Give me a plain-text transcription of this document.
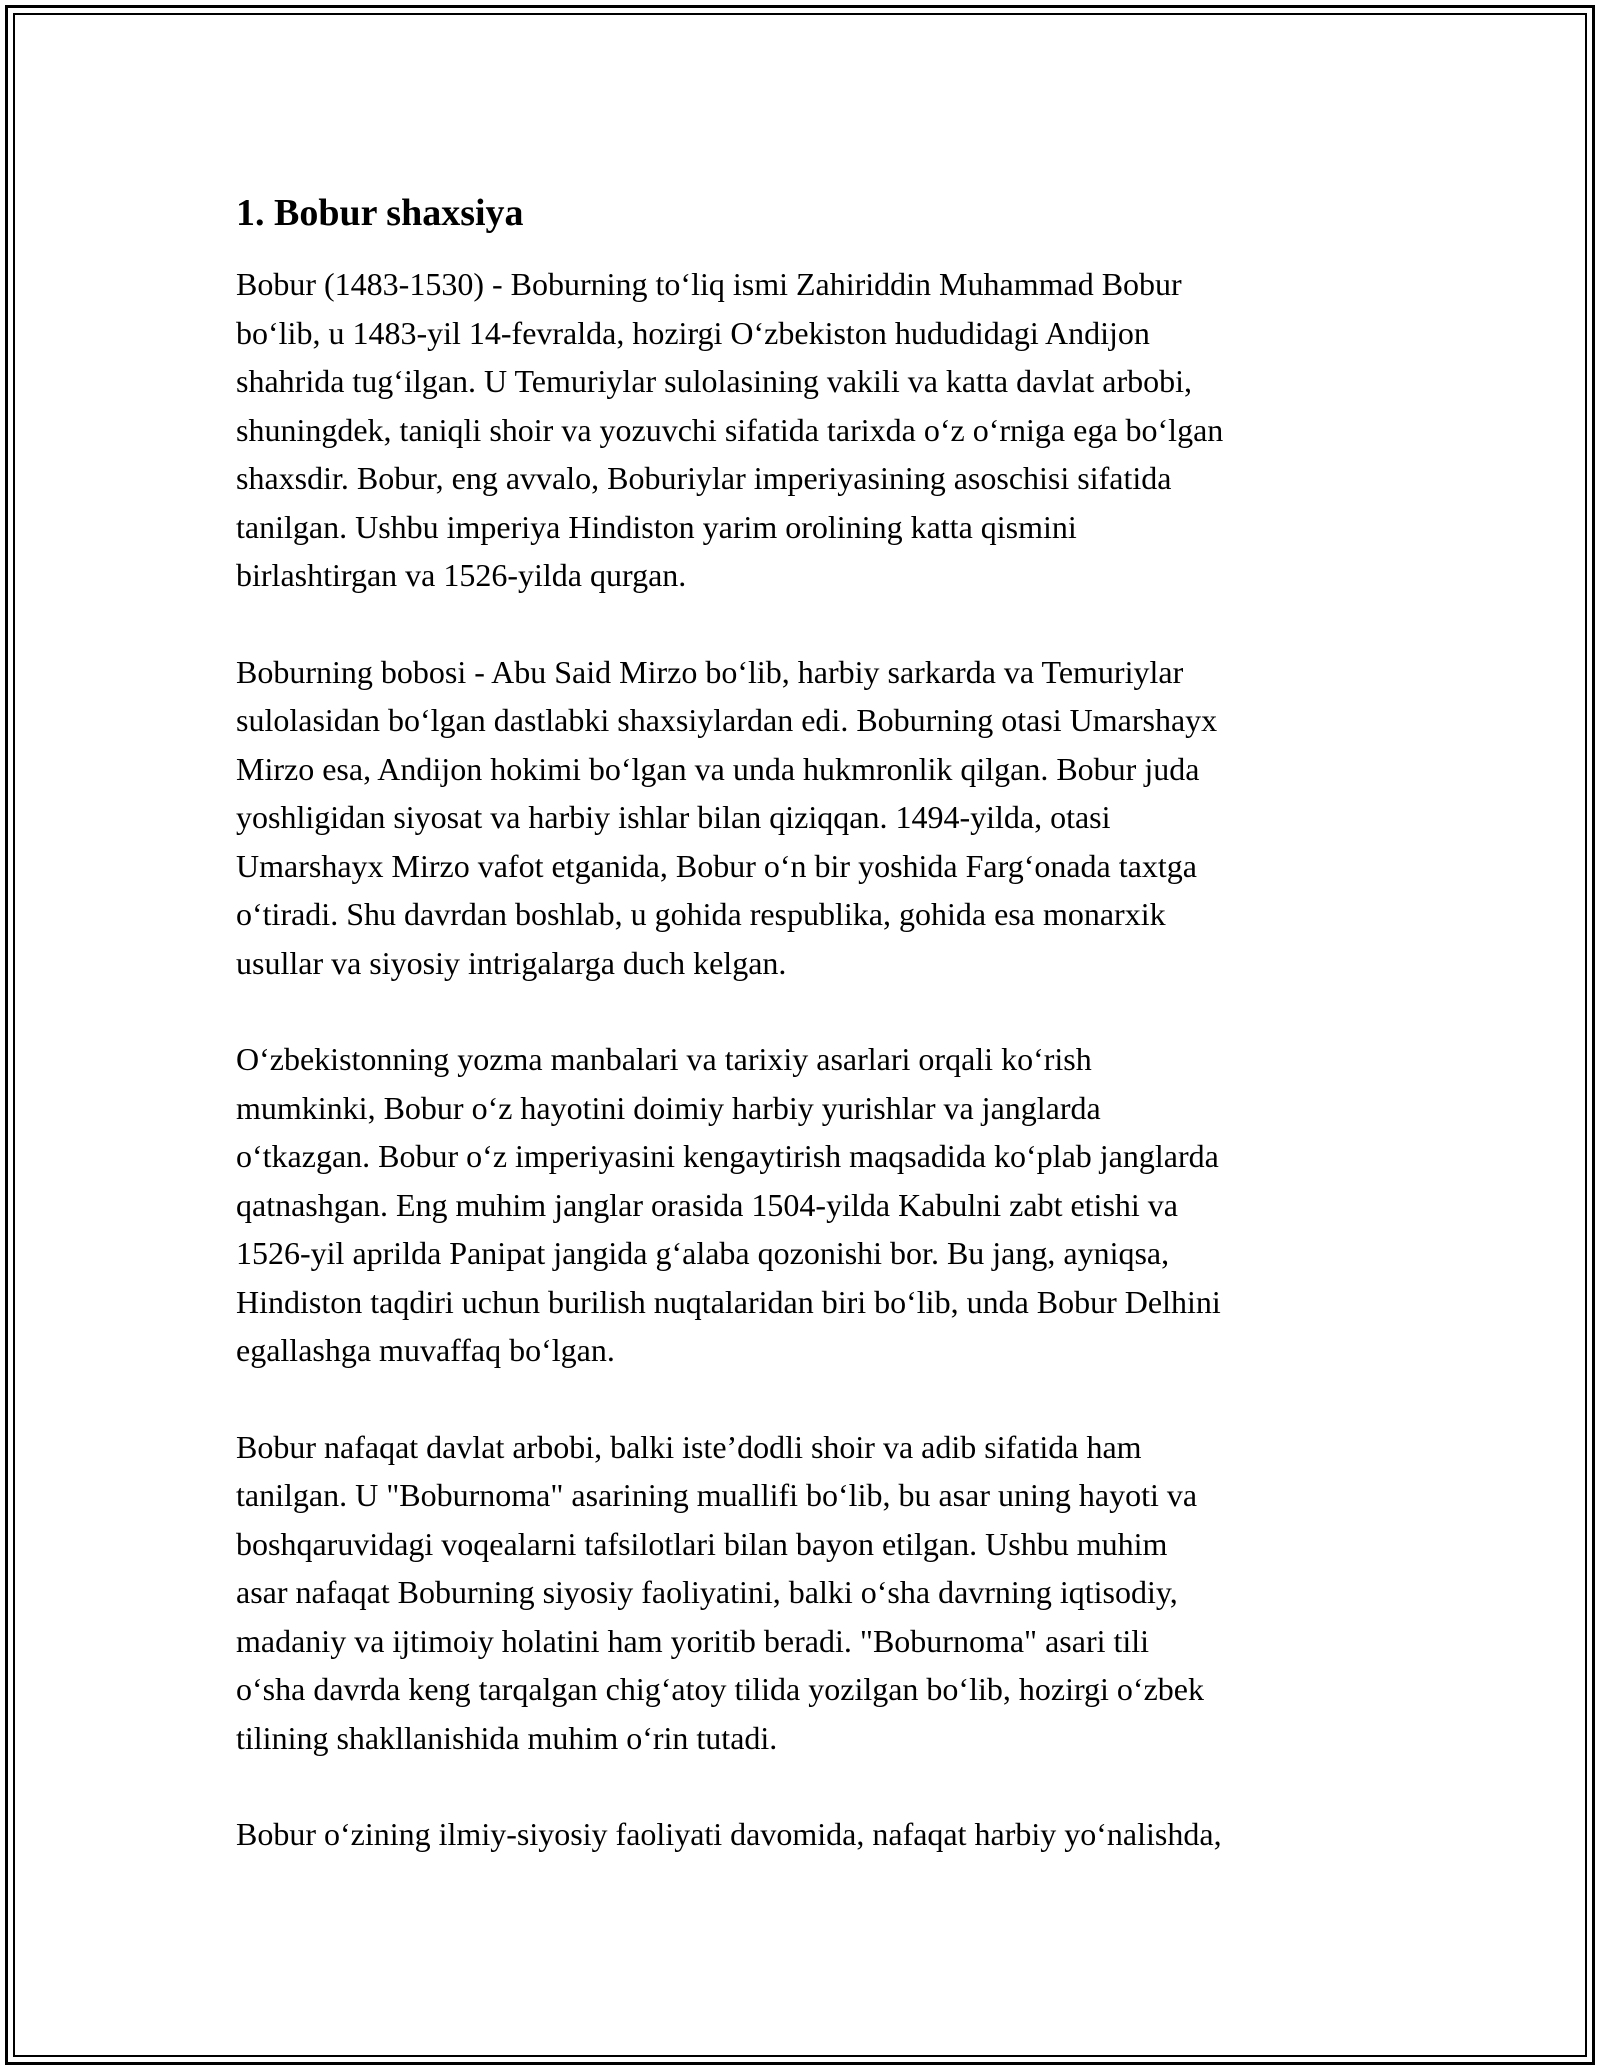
1. Bobur shaxsiya

Bobur (1483-1530) - Boburning to‘liq ismi Zahiriddin Muhammad Bobur
bo‘lib, u 1483-yil 14-fevralda, hozirgi O‘zbekiston hududidagi Andijon
shahrida tug‘ilgan. U Temuriylar sulolasining vakili va katta davlat arbobi,
shuningdek, taniqli shoir va yozuvchi sifatida tarixda o‘z o‘rniga ega bo‘lgan
shaxsdir. Bobur, eng avvalo, Boburiylar imperiyasining asoschisi sifatida
tanilgan. Ushbu imperiya Hindiston yarim orolining katta qismini
birlashtirgan va 1526-yilda qurgan.

Boburning bobosi - Abu Said Mirzo bo‘lib, harbiy sarkarda va Temuriylar
sulolasidan bo‘lgan dastlabki shaxsiylardan edi. Boburning otasi Umarshayx
Mirzo esa, Andijon hokimi bo‘lgan va unda hukmronlik qilgan. Bobur juda
yoshligidan siyosat va harbiy ishlar bilan qiziqqan. 1494-yilda, otasi
Umarshayx Mirzo vafot etganida, Bobur o‘n bir yoshida Farg‘onada taxtga
o‘tiradi. Shu davrdan boshlab, u gohida respublika, gohida esa monarxik
usullar va siyosiy intrigalarga duch kelgan.

O‘zbekistonning yozma manbalari va tarixiy asarlari orqali ko‘rish
mumkinki, Bobur o‘z hayotini doimiy harbiy yurishlar va janglarda
o‘tkazgan. Bobur o‘z imperiyasini kengaytirish maqsadida ko‘plab janglarda
qatnashgan. Eng muhim janglar orasida 1504-yilda Kabulni zabt etishi va
1526-yil aprilda Panipat jangida g‘alaba qozonishi bor. Bu jang, ayniqsa,
Hindiston taqdiri uchun burilish nuqtalaridan biri bo‘lib, unda Bobur Delhini
egallashga muvaffaq bo‘lgan.

Bobur nafaqat davlat arbobi, balki iste’dodli shoir va adib sifatida ham
tanilgan. U "Boburnoma" asarining muallifi bo‘lib, bu asar uning hayoti va
boshqaruvidagi voqealarni tafsilotlari bilan bayon etilgan. Ushbu muhim
asar nafaqat Boburning siyosiy faoliyatini, balki o‘sha davrning iqtisodiy,
madaniy va ijtimoiy holatini ham yoritib beradi. "Boburnoma" asari tili
o‘sha davrda keng tarqalgan chig‘atoy tilida yozilgan bo‘lib, hozirgi o‘zbek
tilining shakllanishida muhim o‘rin tutadi.

Bobur o‘zining ilmiy-siyosiy faoliyati davomida, nafaqat harbiy yo‘nalishda,
